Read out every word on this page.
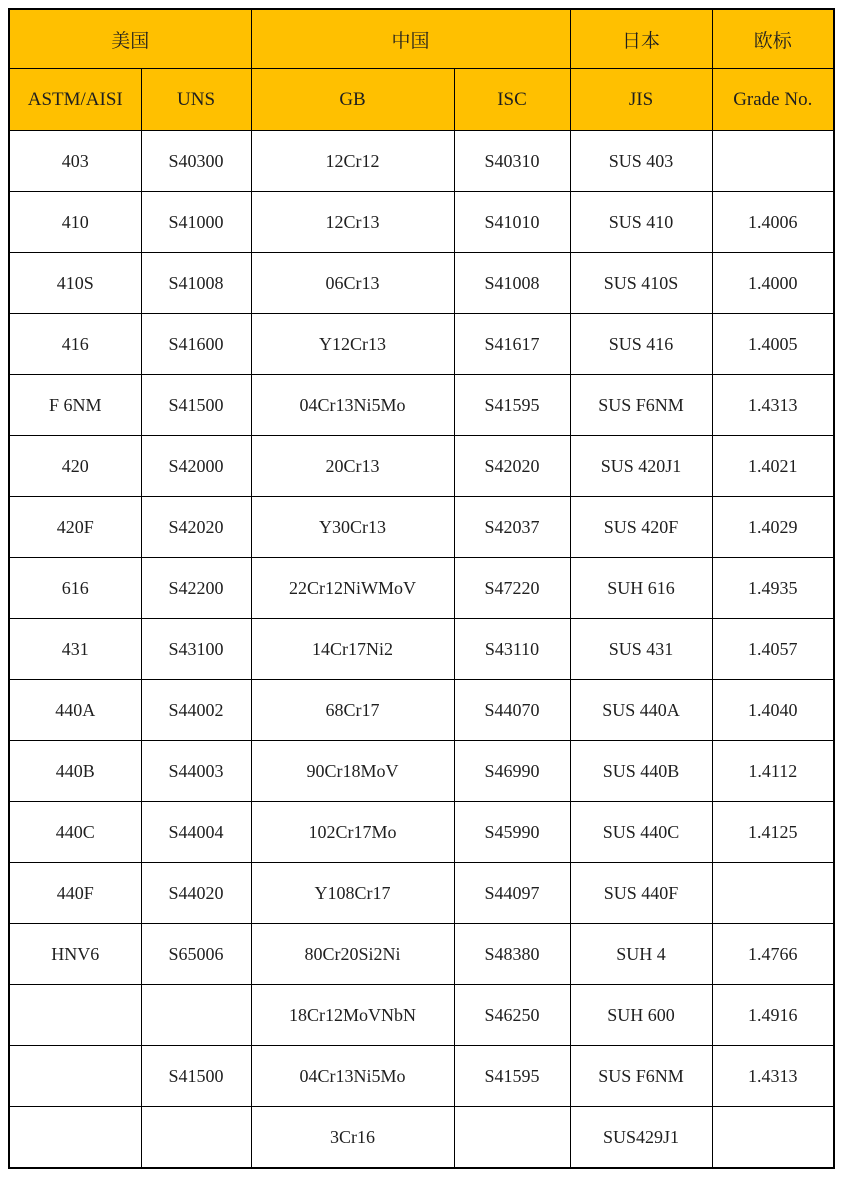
美国		中国		日本	欧标
ASTM/AISI	UNS	GB	ISC	JIS	Grade No.
403	S40300	12Cr12	S40310	SUS 403	
410	S41000	12Cr13	S41010	SUS 410	1.4006
410S	S41008	06Cr13	S41008	SUS 410S	1.4000
416	S41600	Y12Cr13	S41617	SUS 416	1.4005
F 6NM	S41500	04Cr13Ni5Mo	S41595	SUS F6NM	1.4313
420	S42000	20Cr13	S42020	SUS 420J1	1.4021
420F	S42020	Y30Cr13	S42037	SUS 420F	1.4029
616	S42200	22Cr12NiWMoV	S47220	SUH 616	1.4935
431	S43100	14Cr17Ni2	S43110	SUS 431	1.4057
440A	S44002	68Cr17	S44070	SUS 440A	1.4040
440B	S44003	90Cr18MoV	S46990	SUS 440B	1.4112
440C	S44004	102Cr17Mo	S45990	SUS 440C	1.4125
440F	S44020	Y108Cr17	S44097	SUS 440F	
HNV6	S65006	80Cr20Si2Ni	S48380	SUH 4	1.4766
		18Cr12MoVNbN	S46250	SUH 600	1.4916
	S41500	04Cr13Ni5Mo	S41595	SUS F6NM	1.4313
		3Cr16		SUS429J1	
